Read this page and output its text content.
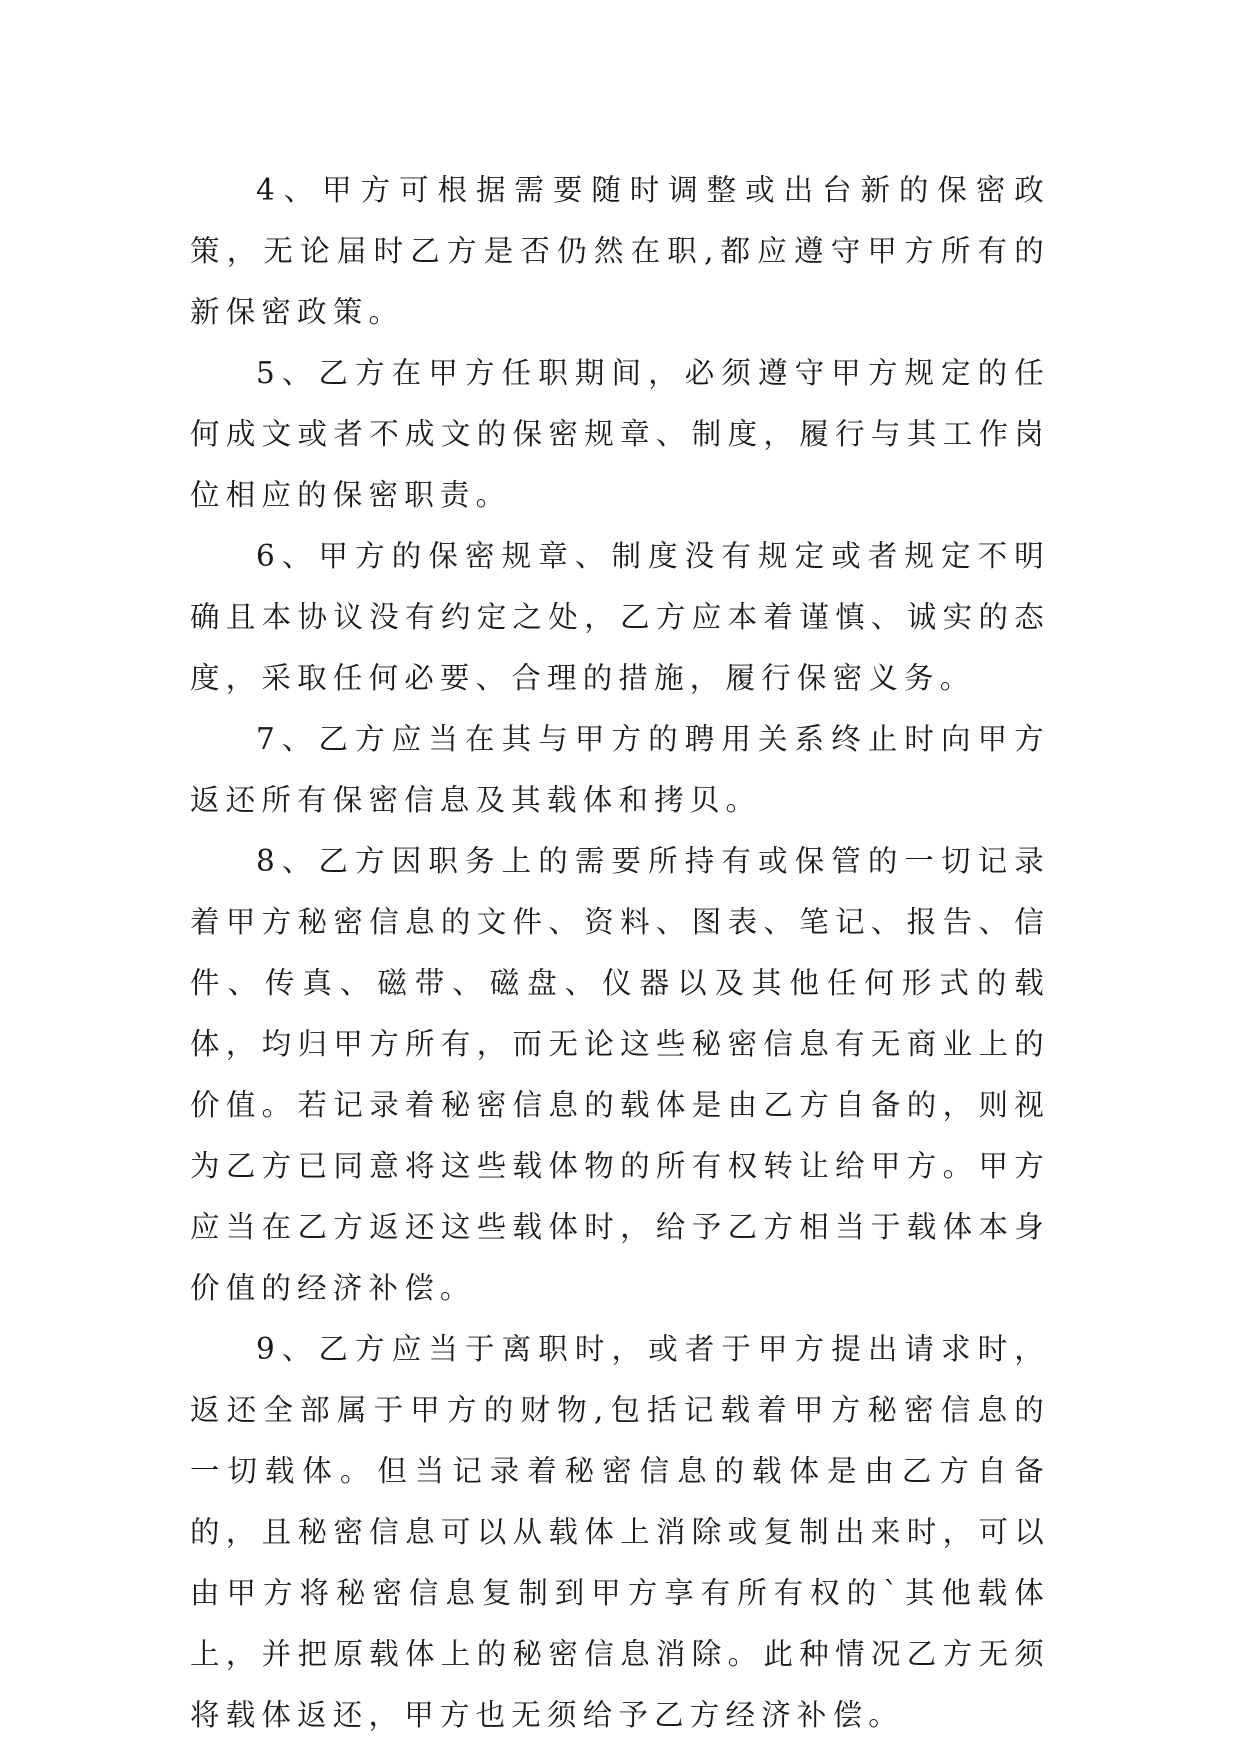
4、甲方可根据需要随时调整或出台新的保密政策，无论届时乙方是否仍然在职,都应遵守甲方所有的新保密政策。

5、乙方在甲方任职期间，必须遵守甲方规定的任何成文或者不成文的保密规章、制度，履行与其工作岗位相应的保密职责。

6、甲方的保密规章、制度没有规定或者规定不明确且本协议没有约定之处，乙方应本着谨慎、诚实的态度，采取任何必要、合理的措施，履行保密义务。

7、乙方应当在其与甲方的聘用关系终止时向甲方返还所有保密信息及其载体和拷贝。

8、乙方因职务上的需要所持有或保管的一切记录着甲方秘密信息的文件、资料、图表、笔记、报告、信件、传真、磁带、磁盘、仪器以及其他任何形式的载体，均归甲方所有，而无论这些秘密信息有无商业上的价值。若记录着秘密信息的载体是由乙方自备的，则视为乙方已同意将这些载体物的所有权转让给甲方。甲方应当在乙方返还这些载体时，给予乙方相当于载体本身价值的经济补偿。

9、乙方应当于离职时，或者于甲方提出请求时，返还全部属于甲方的财物,包括记载着甲方秘密信息的一切载体。但当记录着秘密信息的载体是由乙方自备的，且秘密信息可以从载体上消除或复制出来时，可以由甲方将秘密信息复制到甲方享有所有权的`其他载体上，并把原载体上的秘密信息消除。此种情况乙方无须将载体返还，甲方也无须给予乙方经济补偿。
